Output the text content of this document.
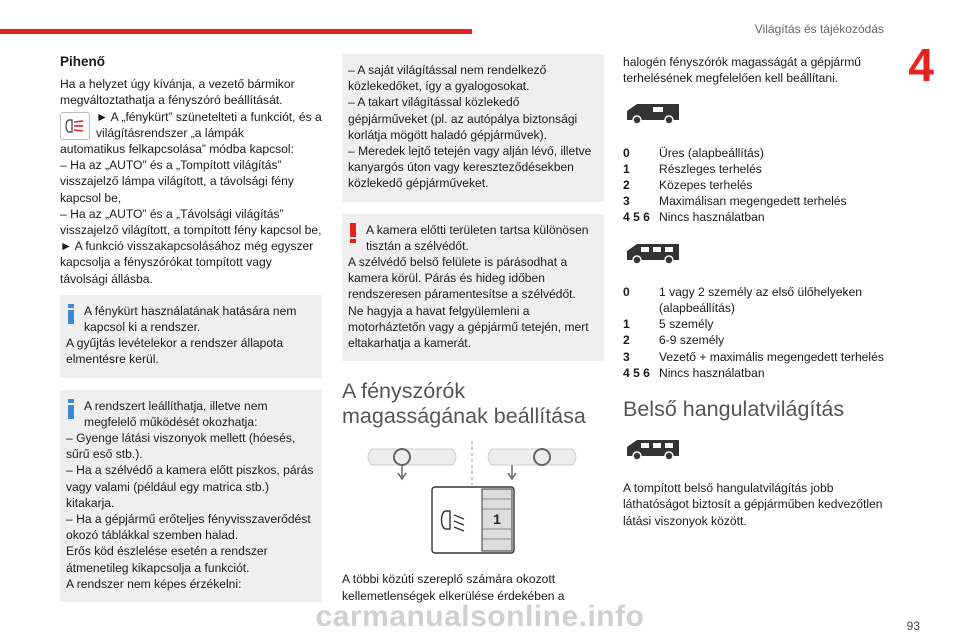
Világítás és tájékozódás
4
Pihenő

Ha a helyzet úgy kívánja, a vezető bármikor megváltoztathatja a fényszóró beállítását.

► A „fénykürt” szünetelteti a funkciót, és a világításrendszer „a lámpák

automatikus felkapcsolása” módba kapcsol:

– Ha az „AUTO” és a „Tompított világítás” visszajelző lámpa világított, a távolsági fény kapcsol be,

– Ha az „AUTO” és a „Távolsági világítás” visszajelző világított, a tompított fény kapcsol be,

► A funkció visszakapcsolásához még egyszer kapcsolja a fényszórókat tompított vagy távolsági állásba.

A fénykürt használatának hatására nem kapcsol ki a rendszer.

A gyűjtás levételekor a rendszer állapota elmentésre kerül.

A rendszert leállíthatja, illetve nem megfelelő működését okozhatja:

– Gyenge látási viszonyok mellett (hóesés, sűrű eső stb.).

– Ha a szélvédő a kamera előtt piszkos, párás vagy valami (például egy matrica stb.) kitakarja.

– Ha a gépjármű erőteljes fényvisszaverődést okozó táblákkal szemben halad.

Erős köd észlelése esetén a rendszer átmenetileg kikapcsolja a funkciót.

A rendszer nem képes érzékelni:

– A saját világítással nem rendelkező közlekedőket, így a gyalogosokat.

– A takart világítással közlekedő gépjárműveket (pl. az autópálya biztonsági korlátja mögött haladó gépjárművek).

– Meredek lejtő tetején vagy alján lévő, illetve kanyargós úton vagy kereszteződésekben közlekedő gépjárműveket.

A kamera előtti területen tartsa különösen tisztán a szélvédőt.

A szélvédő belső felülete is párásodhat a kamera körül. Párás és hideg időben rendszeresen páramentesítse a szélvédőt.

Ne hagyja a havat felgyülemleni a motorháztetőn vagy a gépjármű tetején, mert eltakarhatja a kamerát.

A fényszórók magasságának beállítása
1

A többi közúti szereplő számára okozott kellemetlenségek elkerülése érdekében a

halogén fényszórók magasságát a gépjármű terhelésének megfelelően kell beállítani.

0	Üres (alapbeállítás)
1	Részleges terhelés
2	Közepes terhelés
3	Maximálisan megengedett terhelés
4 5 6 Nincs használatban
0	1 vagy 2 személy az első ülőhelyeken (alapbeállítás)
1	5 személy
2	6-9 személy
3	Vezető + maximális megengedett terhelés
4 5 6 Nincs használatban
Belső hangulatvilágítás

A tompított belső hangulatvilágítás jobb láthatóságot biztosít a gépjárműben kedvezőtlen látási viszonyok között.

93
carmanualsonline.info
